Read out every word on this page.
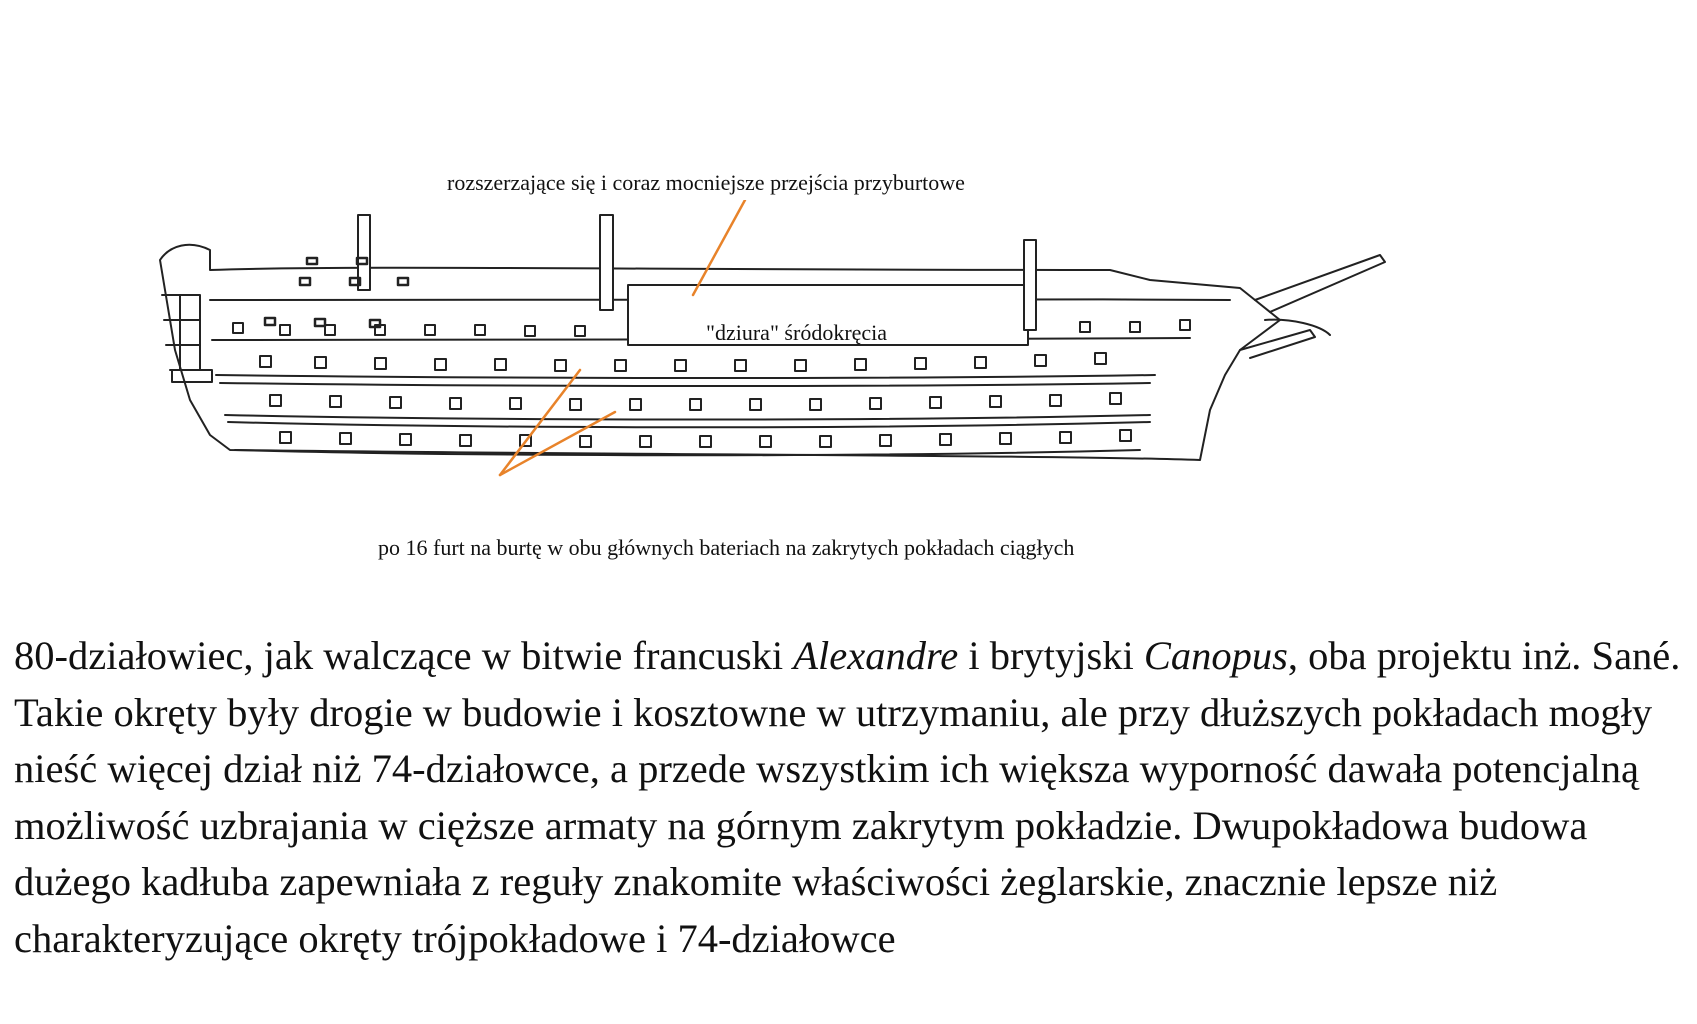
rozszerzające się i coraz mocniejsze przejścia przyburtowe
"dziura" śródokręcia
po 16 furt na burtę w obu głównych bateriach na zakrytych pokładach ciągłych
80-działowiec, jak walczące w bitwie francuski Alexandre i brytyjski Canopus, oba projektu inż. Sané. Takie okręty były drogie w budowie i kosztowne w utrzymaniu, ale przy dłuższych pokładach mogły nieść więcej dział niż 74-działowce, a przede wszystkim ich większa wyporność dawała potencjalną możliwość uzbrajania w cięższe armaty na górnym zakrytym pokładzie. Dwupokładowa budowa dużego kadłuba zapewniała z reguły znakomite właściwości żeglarskie, znacznie lepsze niż charakteryzujące okręty trójpokładowe i 74-działowce
